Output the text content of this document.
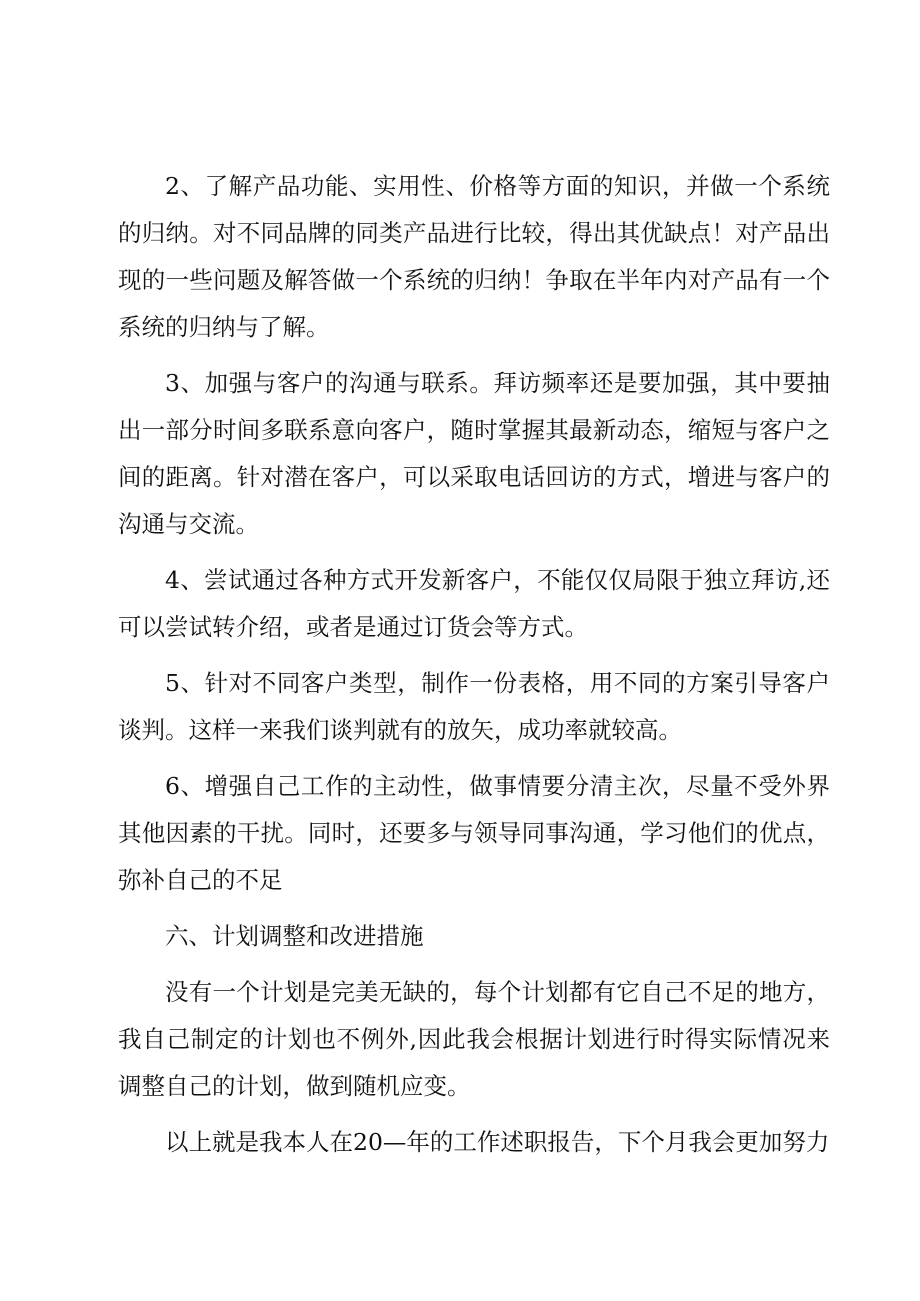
2、了解产品功能、实用性、价格等方面的知识，并做一个系统的归纳。对不同品牌的同类产品进行比较，得出其优缺点！对产品出现的一些问题及解答做一个系统的归纳！争取在半年内对产品有一个系统的归纳与了解。

3、加强与客户的沟通与联系。拜访频率还是要加强，其中要抽出一部分时间多联系意向客户，随时掌握其最新动态，缩短与客户之间的距离。针对潜在客户，可以采取电话回访的方式，增进与客户的沟通与交流。

4、尝试通过各种方式开发新客户，不能仅仅局限于独立拜访,还可以尝试转介绍，或者是通过订货会等方式。

5、针对不同客户类型，制作一份表格，用不同的方案引导客户谈判。这样一来我们谈判就有的放矢，成功率就较高。

6、增强自己工作的主动性，做事情要分清主次，尽量不受外界其他因素的干扰。同时，还要多与领导同事沟通，学习他们的优点，弥补自己的不足

六、计划调整和改进措施

没有一个计划是完美无缺的，每个计划都有它自己不足的地方，我自己制定的计划也不例外,因此我会根据计划进行时得实际情况来调整自己的计划，做到随机应变。

以上就是我本人在20—年的工作述职报告，下个月我会更加努力
